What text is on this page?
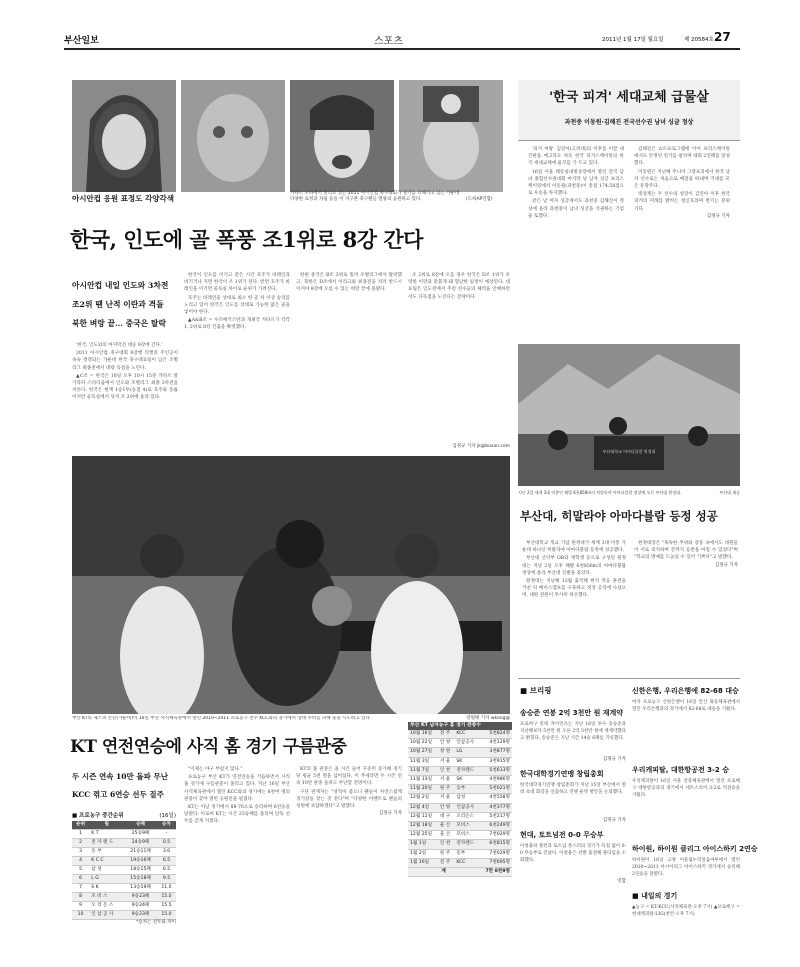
부산일보	스포츠	2011년 1월 17일 월요일	제 20584호 27
아시안컵 응원 표정도 각양각색
카타르 도하에서 열리고 있는 2011 아시안컵 축구대회가 열기를 더해가고 있는 가운데 다양한 표정과 차림 등을 이 지구촌 축구팬들 열광의 응원하고 있다.	(도하AP연합)
한국, 인도에 골 폭풍 조1위로 8강 간다
아시안컵 내일 인도와 3차전
조2위 땐 난적 이란과 격돌
북한 벼랑 끝… 중국은 탈락

'한국, 인도와의 마지막전 대승 8강에 간다.'

2011 아시안컵 축구대회 8강행 티켓의 주인공이 속속 결정되는 가운데 한국 축구대표팀이 남은 조별리그 최종전에서 대량 득점을 노린다.

▲C조 = 한국은 18일 오후 10시 15분 카타르 알가라파 스타디움에서 인도와 조별리그 최종 3차전을 치른다. 한국은 현재 1승1무(승점 4)로 호주와 동률이지만 골득실에서 뒤져 조 2위에 올라 있다.

한국이 인도를 이기고 같은 시간 호주가 바레인과 비기거나 지면 한국이 조 1위가 된다. 반면 호주가 바레인을 이기면 골득실 차이로 순위가 가려진다.

호주는 바레인을 상대로 최소 한 골 차 이상 승리를 노리고 있어 한국은 인도를 상대로 가능한 많은 골을 넣어야 한다.

▲A&B조 = 우즈베키스탄과 개최국 카타르가 각각 1, 2위로 8강 진출을 확정했다.

한편 중국은 B조 3위로 밀려 조별리그에서 탈락했고, 북한은 D조에서 이라크와 최종전을 치러 반드시 이겨야 8강에 오를 수 있는 벼랑 끝에 몰렸다.

조 2위로 8강에 오를 경우 한국은 D조 1위가 유력한 이란과 맞붙게 돼 험난한 일정이 예상된다. 대표팀은 인도전에서 주전 선수들의 체력을 안배하면서도 다득점을 노린다는 전략이다.

김정규 기자 jk@busan.com
부산 KT의 제스퍼 존슨(가운데)이 16일 부산 사직체육관에서 열린 2010~2011 프로농구 전주 KCC와의 경기에서 상대 수비를 피해 슛을 시도하고 있다.	강원태 기자 wkang@
KT 연전연승에 사직 홈 경기 구름관중
두 시즌 연속 10만 돌파 무난
KCC 꺾고 6연승 선두 질주
■ 프로농구 중간순위	(16일)
순위	팀	승패	승차
1	K T	25승9패	-
2	전 자 랜 드	24승9패	0.5
3	동 부	21승11패	3.0
4	K C C	19승16패	6.5
5	삼 성	18승15패	6.5
6	L G	15승18패	9.5
7	S K	13승19패	11.0
8	모 비 스	9승23패	15.0
9	오 리 온 스	9승24패	15.5
10	인 삼 공 사	9승23패	15.0
*승차는 선두와 차이

"이제는 야구 부럽지 않다."

프로농구 부산 KT가 연전연승을 거듭하면서 사직 홈 경기에 구름관중이 몰리고 있다. 지난 16일 부산 사직체육관에서 열린 KCC와의 경기에는 8천여 명의 관중이 찾아 열띤 응원전을 펼쳤다.

KT는 이날 경기에서 88-76으로 승리하며 6연승을 달렸다. 이로써 KT는 시즌 25승째를 올리며 단독 선두를 굳게 지켰다.

KT의 홈 관중은 올 시즌 들어 꾸준히 증가해 경기당 평균 5천 명을 넘어섰다. 이 추세라면 두 시즌 연속 10만 관중 돌파도 무난할 전망이다.

구단 관계자는 "성적이 좋으니 팬들이 자연스럽게 경기장을 찾는 것 같다"며 "다양한 이벤트로 팬들의 성원에 보답하겠다"고 말했다.

김정규 기자
부산 KT 남자농구 홈 경기 관중수
10월 16일	전 주	KCC	5천824명
10월 22일	안 양	인삼공사	4천129명
10월 27일	창 원	LG	3천877명
11월 3일	서 울	SK	3천915명
11월 7일	인 천	전자랜드	5천613명
11월 13일	서 울	SK	4천986명
11월 20일	원 주	동부	5천021명
12월 2일	서 울	삼성	4천558명
12월 4일	안 양	인삼공사	4천377명
12월 11일	대 구	오리온스	5천217명
12월 18일	울 산	모비스	6천249명
12월 25일	울 산	모비스	7천029명
1월 1일	인 천	전자랜드	6천815명
1월 2일	원 주	동부	7천029명
1월 16일	전 주	KCC	7천695명
계			7만 8천9명
'한국 피겨' 세대교체 급물살
과천중 이동원·김해진 전국선수권 남녀 싱글 정상

'피겨 여왕' 김연아(고려대)의 이후를 이끌 새 간판을 예고라도 하듯 한국 피겨스케이팅의 한국 세대교체에 물꼬를 가 트고 있다.

16일 서울 태릉실내빙상장에서 열린 전국 남녀 종합선수권대회 마지막 날 남자 싱글 프리스케이팅에서 이동원(과천중)이 총점 174.58점으로 우승을 차지했다.

같은 날 여자 싱글에서도 과천중 김해진이 정상에 올라 과천중이 남녀 싱글을 석권하는 기염을 토했다.

김해진은 쇼트프로그램에 이어 프리스케이팅에서도 안정된 연기를 펼치며 대회 2연패를 달성했다.

이동원은 지난해 주니어 그랑프리에서 한국 남자 선수로는 처음으로 메달을 따내며 기대를 모은 유망주다.

빙상계는 두 선수의 성장이 김연아 이후 한국 피겨의 미래를 밝히는 청신호라며 반기는 분위기다.

김정규 기자
부산대학교 아마다블람 원정대
지난 2일 세계 3대 미봉인 해발 6천856m의 히말라야 아마다블람 정상에 오른 부산대 원정대.	부산대 제공
부산대, 히말라야 아마다블람 등정 성공

부산대학교 개교 기념 원정대가 세계 3대 미봉 가운데 하나인 히말라야 아마다블람 등정에 성공했다.

부산대 산악부 OB와 재학생 등으로 구성된 원정대는 지난 2일 오후 해발 6천856m의 아마다블람 정상에 올라 부산대 깃발을 꽂았다.

원정대는 지난해 12월 출국해 현지 적응 훈련을 거친 뒤 베이스캠프를 구축하고 정상 공격에 나섰으며, 대원 전원이 무사히 하산했다.

원정대장은 "혹독한 추위와 강풍 속에서도 대원들이 서로 의지하며 끝까지 등반을 마칠 수 있었다"며 "학교의 명예를 드높일 수 있어 기쁘다"고 말했다.

김정규 기자
■ 브리핑
송승준 연봉 2억 3천만 원 재계약
프로야구 롯데 자이언츠는 지난 16일 투수 송승준과 지난해보다 5천만 원 오른 2억 3천만 원에 재계약했다고 밝혔다. 송승준은 지난 시즌 14승 6패를 기록했다.
김정규 기자
한국대학경기연맹 창립총회
한국대학경기연맹 창립총회가 지난 15일 부산에서 열려 초대 회장을 선출하고 연맹 운영 방안을 논의했다.
김정규 기자
현대, 토트넘전 0-0 무승부
이청용의 볼턴과 토트넘 홋스퍼의 경기가 득점 없이 0-0 무승부로 끝났다. 이청용은 선발 출전해 풀타임을 소화했다.
연합
신한은행, 우리은행에 82-68 대승
여자 프로농구 신한은행이 16일 안산 와동체육관에서 열린 우리은행과의 경기에서 82-68로 대승을 거뒀다.
우리캐피탈, 대한항공전 3-2 승
우리캐피탈이 16일 서울 장충체육관에서 열린 프로배구 대한항공과의 경기에서 세트스코어 3-2로 역전승을 거뒀다.
하이원, 하이원 클리그 아이스하키 2연승
하이원이 16일 고양 어울림누리얼음마루에서 열린 2010~2011 아시아리그 아이스하키 경기에서 승리해 2연승을 달렸다.
■ 내일의 경기
▲농구 = KT-KCC(사직체육관·오후 7시) ▲프로배구 = 현대캐피탈-LIG(천안·오후 7시)
